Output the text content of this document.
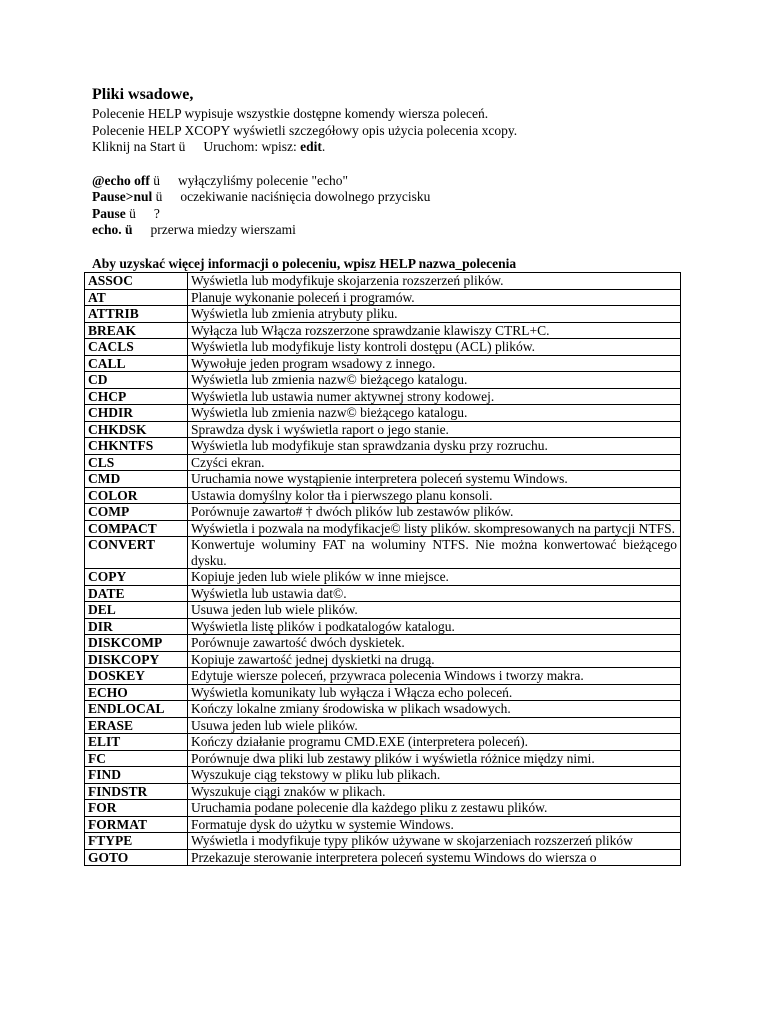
Pliki wsadowe,
Polecenie HELP wypisuje wszystkie dostępne komendy wiersza poleceń.
Polecenie HELP XCOPY wyświetli szczegółowy opis użycia polecenia xcopy.
Kliknij na Start ü Uruchom: wpisz: edit.
@echo off ü wyłączyliśmy polecenie "echo"
Pause>nul ü oczekiwanie naciśnięcia dowolnego przycisku
Pause ü ?
echo. ü przerwa miedzy wierszami
Aby uzyskać więcej informacji o poleceniu, wpisz HELP nazwa_polecenia
ASSOC	Wyświetla lub modyfikuje skojarzenia rozszerzeń plików.
AT	Planuje wykonanie poleceń i programów.
ATTRIB	Wyświetla lub zmienia atrybuty pliku.
BREAK	Wyłącza lub Włącza rozszerzone sprawdzanie klawiszy CTRL+C.
CACLS	Wyświetla lub modyfikuje listy kontroli dostępu (ACL) plików.
CALL	Wywołuje jeden program wsadowy z innego.
CD	Wyświetla lub zmienia nazw© bieżącego katalogu.
CHCP	Wyświetla lub ustawia numer aktywnej strony kodowej.
CHDIR	Wyświetla lub zmienia nazw© bieżącego katalogu.
CHKDSK	Sprawdza dysk i wyświetla raport o jego stanie.
CHKNTFS	Wyświetla lub modyfikuje stan sprawdzania dysku przy rozruchu.
CLS	Czyści ekran.
CMD	Uruchamia nowe wystąpienie interpretera poleceń systemu Windows.
COLOR	Ustawia domyślny kolor tła i pierwszego planu konsoli.
COMP	Porównuje zawarto# † dwóch plików lub zestawów plików.
COMPACT	Wyświetla i pozwala na modyfikacje© listy plików. skompresowanych na partycji NTFS.
CONVERT	Konwertuje woluminy FAT na woluminy NTFS. Nie można konwertować bieżącego dysku.
COPY	Kopiuje jeden lub wiele plików w inne miejsce.
DATE	Wyświetla lub ustawia dat©.
DEL	Usuwa jeden lub wiele plików.
DIR	Wyświetla listę plików i podkatalogów katalogu.
DISKCOMP	Porównuje zawartość dwóch dyskietek.
DISKCOPY	Kopiuje zawartość jednej dyskietki na drugą.
DOSKEY	Edytuje wiersze poleceń, przywraca polecenia Windows i tworzy makra.
ECHO	Wyświetla komunikaty lub wyłącza i Włącza echo poleceń.
ENDLOCAL	Kończy lokalne zmiany środowiska w plikach wsadowych.
ERASE	Usuwa jeden lub wiele plików.
ELIT	Kończy działanie programu CMD.EXE (interpretera poleceń).
FC	Porównuje dwa pliki lub zestawy plików i wyświetla różnice między nimi.
FIND	Wyszukuje ciąg tekstowy w pliku lub plikach.
FINDSTR	Wyszukuje ciągi znaków w plikach.
FOR	Uruchamia podane polecenie dla każdego pliku z zestawu plików.
FORMAT	Formatuje dysk do użytku w systemie Windows.
FTYPE	Wyświetla i modyfikuje typy plików używane w skojarzeniach rozszerzeń plików
GOTO	Przekazuje sterowanie interpretera poleceń systemu Windows do wiersza o
